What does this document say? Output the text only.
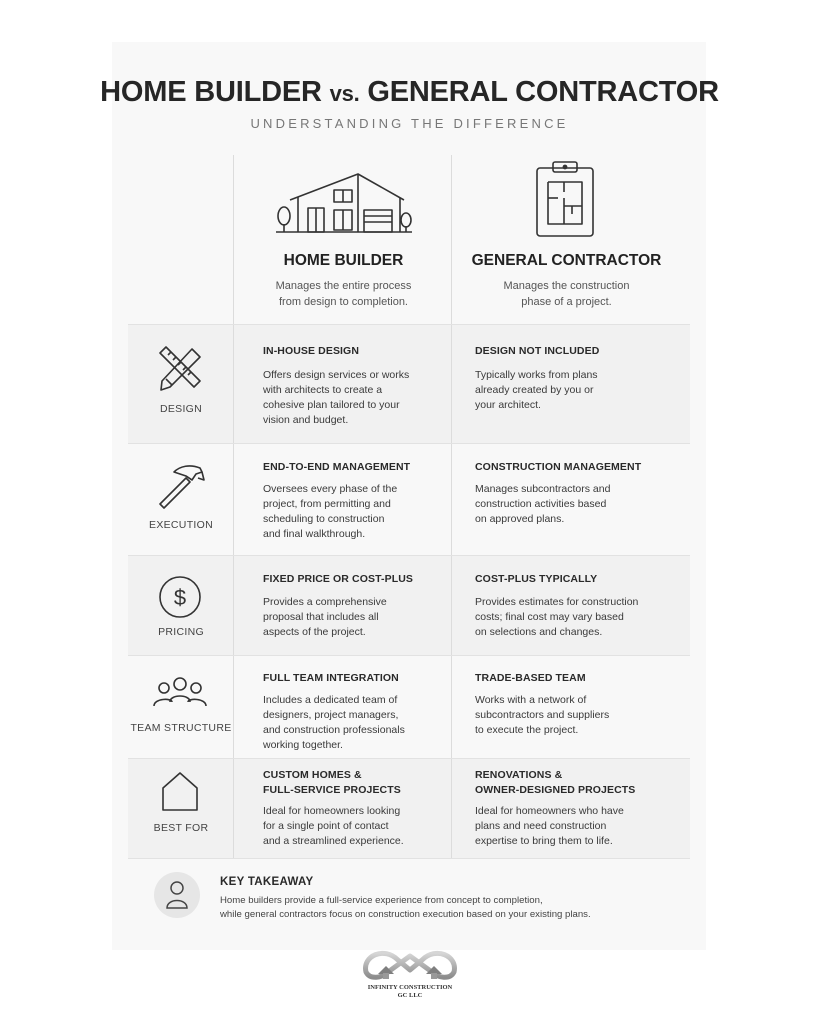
HOME BUILDER vs. GENERAL CONTRACTOR
UNDERSTANDING THE DIFFERENCE
HOME BUILDER
Manages the entire process
from design to completion.
GENERAL CONTRACTOR
Manages the construction
phase of a project.
DESIGN
IN-HOUSE DESIGN
Offers design services or works
with architects to create a
cohesive plan tailored to your
vision and budget.
DESIGN NOT INCLUDED
Typically works from plans
already created by you or
your architect.
EXECUTION
END-TO-END MANAGEMENT
Oversees every phase of the
project, from permitting and
scheduling to construction
and final walkthrough.
CONSTRUCTION MANAGEMENT
Manages subcontractors and
construction activities based
on approved plans.
$
PRICING
FIXED PRICE OR COST-PLUS
Provides a comprehensive
proposal that includes all
aspects of the project.
COST-PLUS TYPICALLY
Provides estimates for construction
costs; final cost may vary based
on selections and changes.
TEAM STRUCTURE
FULL TEAM INTEGRATION
Includes a dedicated team of
designers, project managers,
and construction professionals
working together.
TRADE-BASED TEAM
Works with a network of
subcontractors and suppliers
to execute the project.
BEST FOR
CUSTOM HOMES &
FULL-SERVICE PROJECTS
Ideal for homeowners looking
for a single point of contact
and a streamlined experience.
RENOVATIONS &
OWNER-DESIGNED PROJECTS
Ideal for homeowners who have
plans and need construction
expertise to bring them to life.
KEY TAKEAWAY
Home builders provide a full-service experience from concept to completion,
while general contractors focus on construction execution based on your existing plans.
INFINITY CONSTRUCTION
GC LLC
